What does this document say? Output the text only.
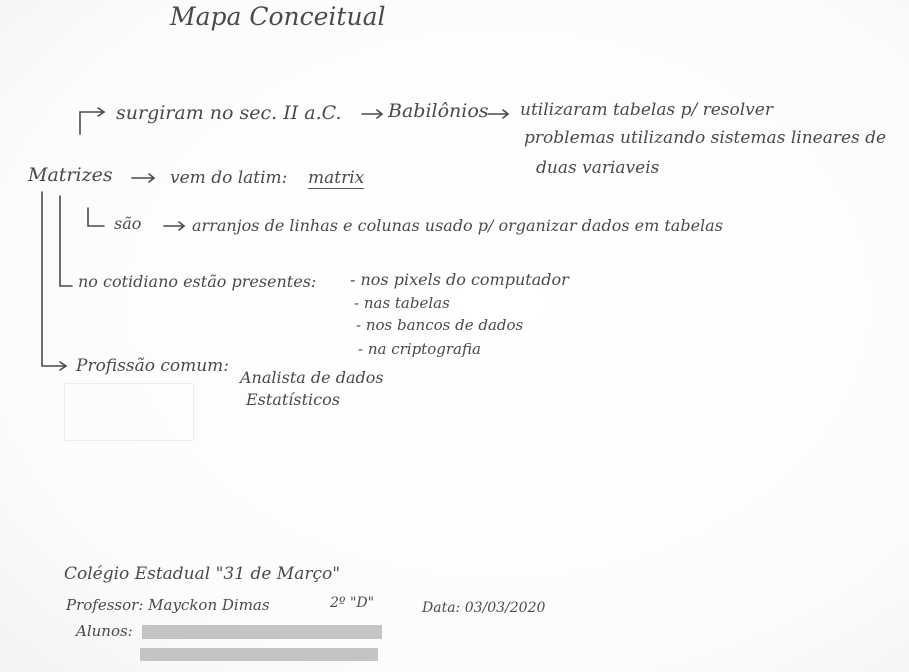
Mapa Conceitual
surgiram no sec. II a.C. Babilônios utilizaram tabelas p/ resolver
problemas utilizando sistemas lineares de
duas variaveis
Matrizes	vem do latim: matrix
são	arranjos de linhas e colunas usado p/ organizar dados em tabelas
no cotidiano estão presentes: - nos pixels do computador
- nas tabelas
- nos bancos de dados
- na criptografia
Profissão comum:
Analista de dados
Estatísticos
Colégio Estadual "31 de Março"
Professor: Mayckon Dimas	2º "D"	Data: 03/03/2020
Alunos:
